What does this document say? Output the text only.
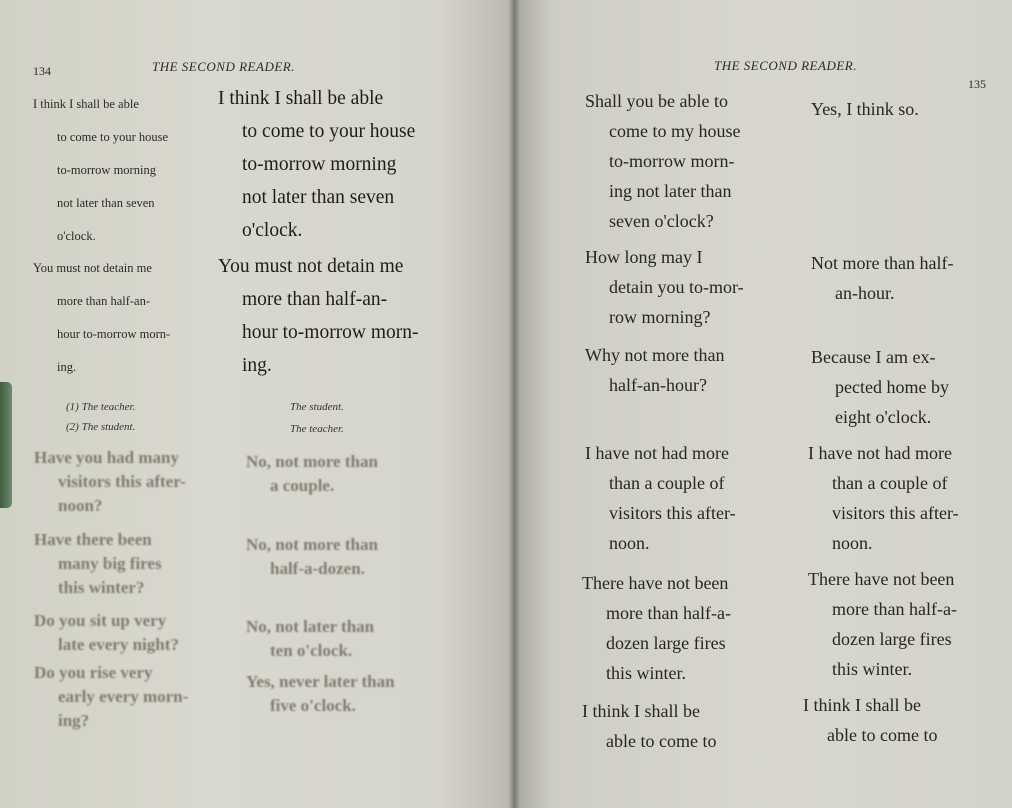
134	THE SECOND READER.

I think I shall be able
to come to your house
to-morrow morning
not later than seven
o'clock.
You must not detain me
more than half-an-
hour to-morrow morn-
ing.
I think I shall be able
to come to your house
to-morrow morning
not later than seven
o'clock.
You must not detain me
more than half-an-
hour to-morrow morn-
ing.

(1) The teacher.

(2) The student.

The student.

The teacher.

Have you had many
visitors this after-
noon?
No, not more than
a couple.
Have there been
many big fires
this winter?
No, not more than
half-a-dozen.
Do you sit up very
late every night?
No, not later than
ten o'clock.
Do you rise very
early every morn-
ing?
Yes, never later than
five o'clock.

THE SECOND READER.

135

Shall you be able to
come to my house
to-morrow morn-
ing not later than
seven o'clock?
Yes, I think so.
How long may I
detain you to-mor-
row morning?
Not more than half-
an-hour.
Why not more than
half-an-hour?
Because I am ex-
pected home by
eight o'clock.
I have not had more
than a couple of
visitors this after-
noon.
I have not had more
than a couple of
visitors this after-
noon.
There have not been
more than half-a-
dozen large fires
this winter.
There have not been
more than half-a-
dozen large fires
this winter.
I think I shall be
able to come to
I think I shall be
able to come to
